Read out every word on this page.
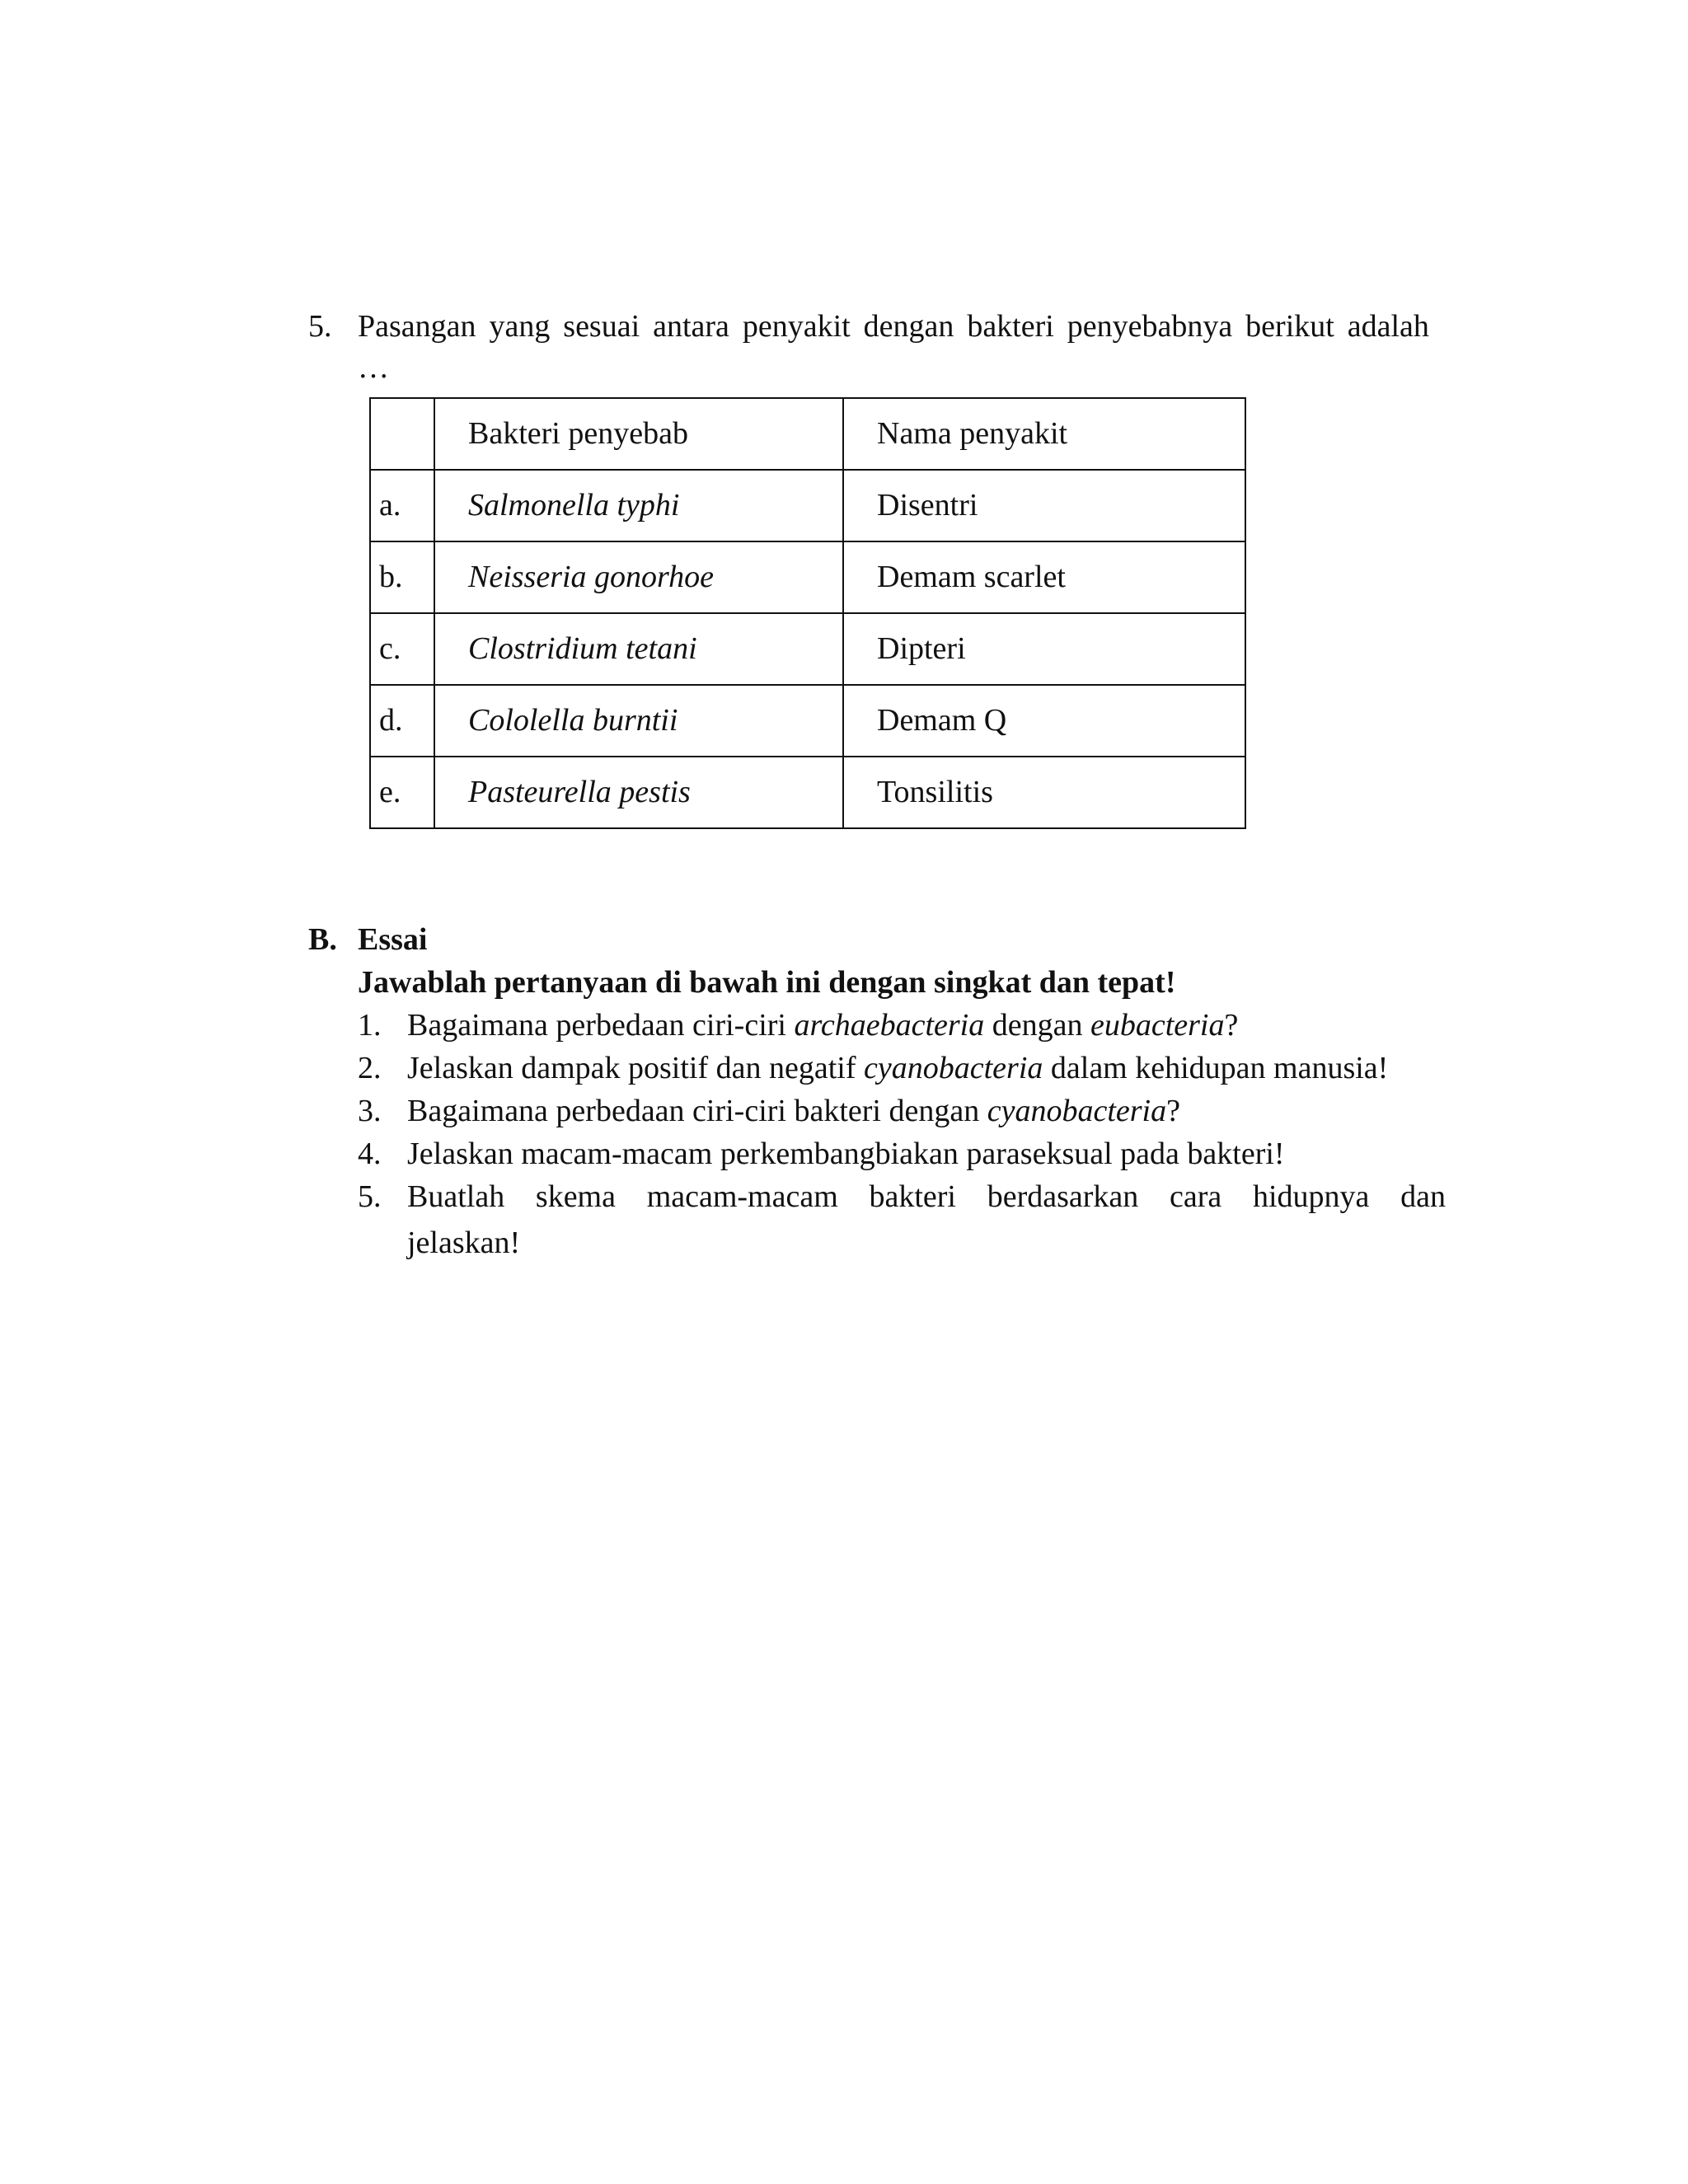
5. Pasangan yang sesuai antara penyakit dengan bakteri penyebabnya berikut adalah
…
	Bakteri penyebab	Nama penyakit
a.	Salmonella typhi	Disentri
b.	Neisseria gonorhoe	Demam scarlet
c.	Clostridium tetani	Dipteri
d.	Cololella burntii	Demam Q
e.	Pasteurella pestis	Tonsilitis
B. Essai
Jawablah pertanyaan di bawah ini dengan singkat dan tepat!
1. Bagaimana perbedaan ciri-ciri archaebacteria dengan eubacteria?
2. Jelaskan dampak positif dan negatif cyanobacteria dalam kehidupan manusia!
3. Bagaimana perbedaan ciri-ciri bakteri dengan cyanobacteria?
4. Jelaskan macam-macam perkembangbiakan paraseksual pada bakteri!
5. Buatlah skema macam-macam bakteri berdasarkan cara hidupnya dan
jelaskan!
